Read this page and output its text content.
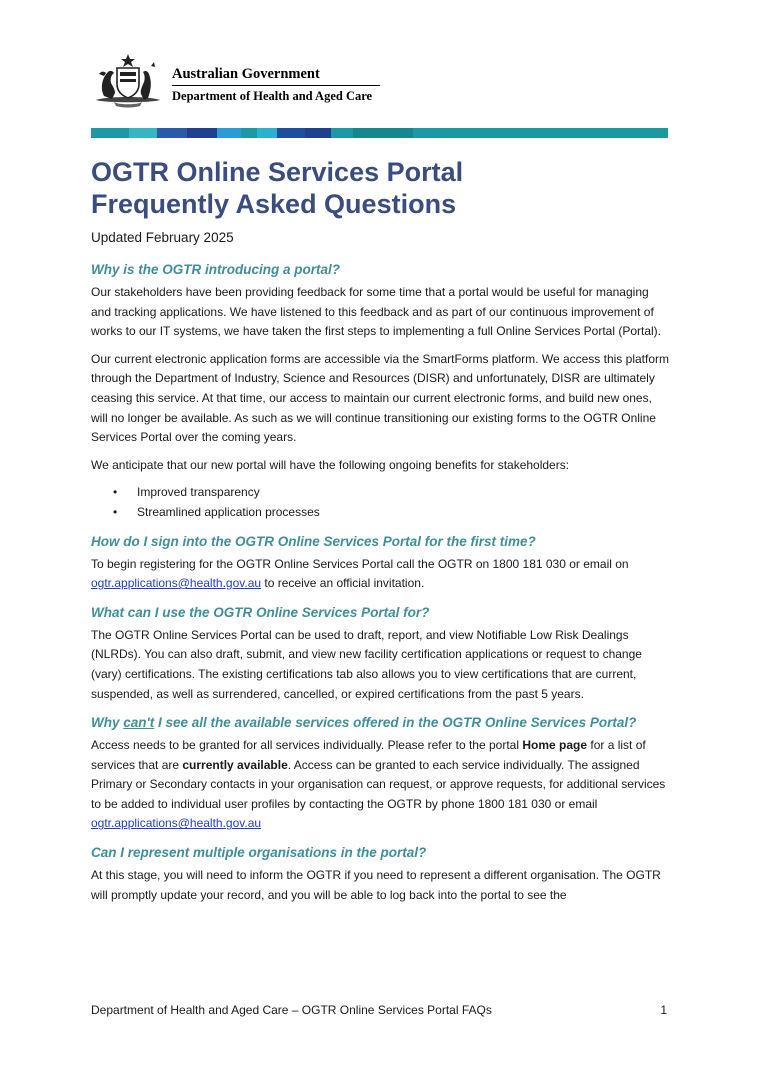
Australian Government
Department of Health and Aged Care
OGTR Online Services Portal
Frequently Asked Questions
Updated February 2025
Why is the OGTR introducing a portal?

Our stakeholders have been providing feedback for some time that a portal would be useful for managing and tracking applications. We have listened to this feedback and as part of our continuous improvement of works to our IT systems, we have taken the first steps to implementing a full Online Services Portal (Portal).

Our current electronic application forms are accessible via the SmartForms platform. We access this platform through the Department of Industry, Science and Resources (DISR) and unfortunately, DISR are ultimately ceasing this service. At that time, our access to maintain our current electronic forms, and build new ones, will no longer be available. As such as we will continue transitioning our existing forms to the OGTR Online Services Portal over the coming years.

We anticipate that our new portal will have the following ongoing benefits for stakeholders:

• Improved transparency
• Streamlined application processes
How do I sign into the OGTR Online Services Portal for the first time?

To begin registering for the OGTR Online Services Portal call the OGTR on 1800 181 030 or email on
ogtr.applications@health.gov.au to receive an official invitation.

What can I use the OGTR Online Services Portal for?

The OGTR Online Services Portal can be used to draft, report, and view Notifiable Low Risk Dealings (NLRDs). You can also draft, submit, and view new facility certification applications or request to change (vary) certifications. The existing certifications tab also allows you to view certifications that are current, suspended, as well as surrendered, cancelled, or expired certifications from the past 5 years.

Why can't I see all the available services offered in the OGTR Online Services Portal?

Access needs to be granted for all services individually. Please refer to the portal Home page for a list of services that are currently available. Access can be granted to each service individually. The assigned Primary or Secondary contacts in your organisation can request, or approve requests, for additional services to be added to individual user profiles by contacting the OGTR by phone 1800 181 030 or email ogtr.applications@health.gov.au

Can I represent multiple organisations in the portal?

At this stage, you will need to inform the OGTR if you need to represent a different organisation. The OGTR will promptly update your record, and you will be able to log back into the portal to see the

Department of Health and Aged Care – OGTR Online Services Portal FAQs	1
